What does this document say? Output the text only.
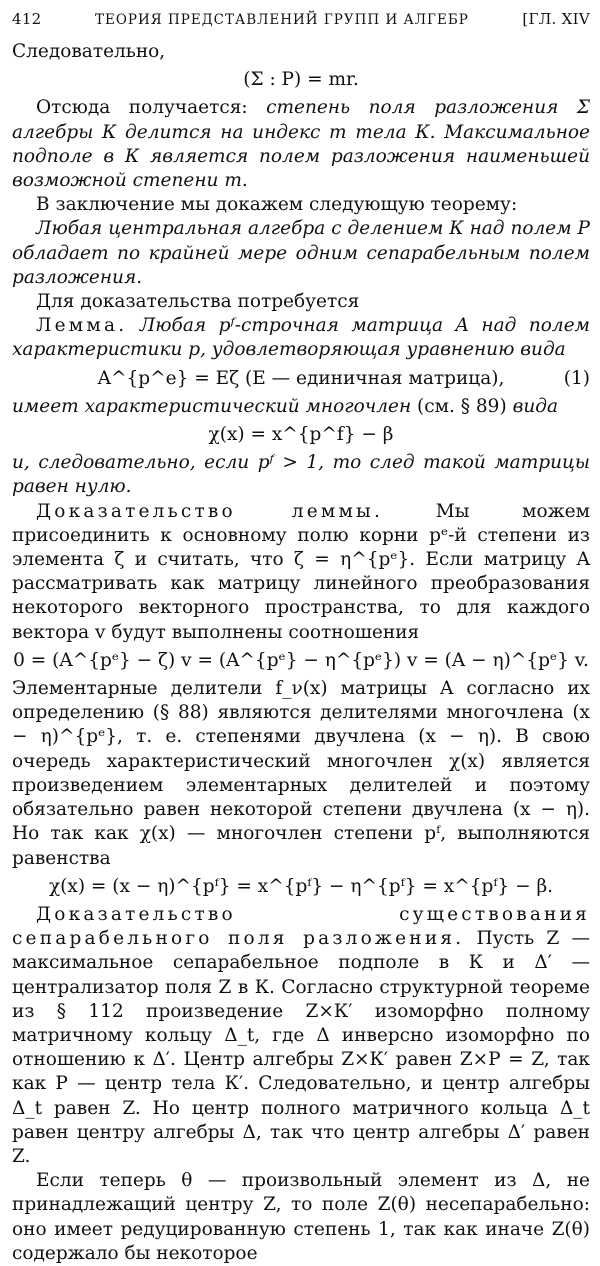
412	ТЕОРИЯ ПРЕДСТАВЛЕНИЙ ГРУПП И АЛГЕБР	[ГЛ. XIV

Следовательно,

(Σ : P) = mr.

Отсюда получается: степень поля разложения Σ алгебры К делится на индекс m тела К. Максимальное подполе в К является полем разложения наименьшей возможной степени m.

В заключение мы докажем следующую теорему:

Любая центральная алгебра с делением К над полем P обладает по крайней мере одним сепарабельным полем разложения.

Для доказательства потребуется

Лемма. Любая pᶠ-строчная матрица A над полем характеристики p, удовлетворяющая уравнению вида

A^{p^e} = Eζ (E — единичная матрица),	(1)

имеет характеристический многочлен (см. § 89) вида

χ(x) = x^{p^f} − β

и, следовательно, если pᶠ > 1, то след такой матрицы равен нулю.

Доказательство леммы. Мы можем присоединить к основному полю корни pᵉ-й степени из элемента ζ и считать, что ζ = η^{pᵉ}. Если матрицу A рассматривать как матрицу линейного преобразования некоторого векторного пространства, то для каждого вектора v будут выполнены соотношения

0 = (A^{pᵉ} − ζ) v = (A^{pᵉ} − η^{pᵉ}) v = (A − η)^{pᵉ} v.

Элементарные делители f_ν(x) матрицы A согласно их определению (§ 88) являются делителями многочлена (x − η)^{pᵉ}, т. е. степенями двучлена (x − η). В свою очередь характеристический многочлен χ(x) является произведением элементарных делителей и поэтому обязательно равен некоторой степени двучлена (x − η). Но так как χ(x) — многочлен степени pᶠ, выполняются равенства

χ(x) = (x − η)^{pᶠ} = x^{pᶠ} − η^{pᶠ} = x^{pᶠ} − β.

Доказательство существования сепарабельного поля разложения. Пусть Z — максимальное сепарабельное подполе в К и Δ′ — централизатор поля Z в К. Согласно структурной теореме из § 112 произведение Z×К′ изоморфно полному матричному кольцу Δ_t, где Δ инверсно изоморфно по отношению к Δ′. Центр алгебры Z×К′ равен Z×P = Z, так как P — центр тела К′. Следовательно, и центр алгебры Δ_t равен Z. Но центр полного матричного кольца Δ_t равен центру алгебры Δ, так что центр алгебры Δ′ равен Z.

Если теперь θ — произвольный элемент из Δ, не принадлежащий центру Z, то поле Z(θ) несепарабельно: оно имеет редуцированную степень 1, так как иначе Z(θ) содержало бы некоторое
